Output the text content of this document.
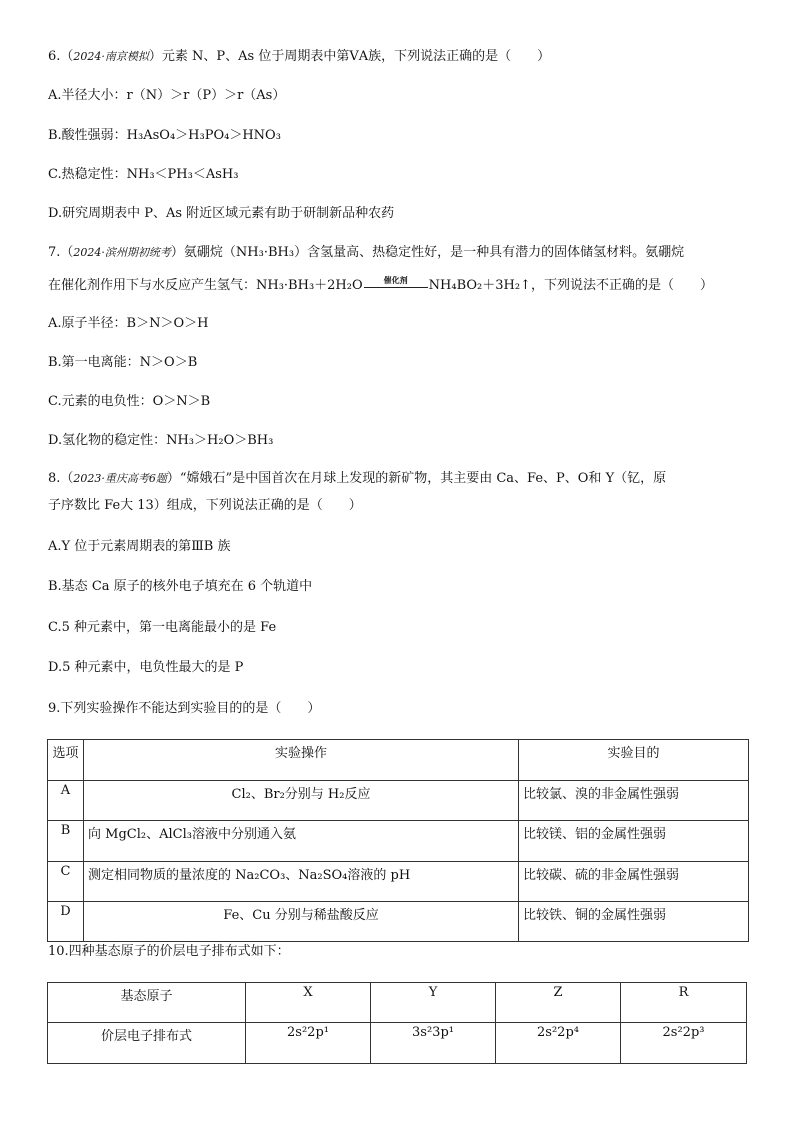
6.（2024·南京模拟）元素 N、P、As 位于周期表中第ⅤA族，下列说法正确的是（　　）
A.半径大小：r（N）＞r（P）＞r（As）
B.酸性强弱：H₃AsO₄＞H₃PO₄＞HNO₃
C.热稳定性：NH₃＜PH₃＜AsH₃
D.研究周期表中 P、As 附近区域元素有助于研制新品种农药
7.（2024·滨州期初统考）氨硼烷（NH₃·BH₃）含氢量高、热稳定性好，是一种具有潜力的固体储氢材料。氨硼烷
在催化剂作用下与水反应产生氢气：NH₃·BH₃＋2H₂O	催化剂	NH₄BO₂＋3H₂↑，下列说法不正确的是（　　）
A.原子半径：B＞N＞O＞H
B.第一电离能：N＞O＞B
C.元素的电负性：O＞N＞B
D.氢化物的稳定性：NH₃＞H₂O＞BH₃
8.（2023·重庆高考6题）“嫦娥石”是中国首次在月球上发现的新矿物，其主要由 Ca、Fe、P、O和 Y（钇，原
子序数比 Fe大 13）组成，下列说法正确的是（　　）
A.Y 位于元素周期表的第ⅢB 族
B.基态 Ca 原子的核外电子填充在 6 个轨道中
C.5 种元素中，第一电离能最小的是 Fe
D.5 种元素中，电负性最大的是 P
9.下列实验操作不能达到实验目的的是（　　）
选项	实验操作	实验目的
A	Cl₂、Br₂分别与 H₂反应	比较氯、溴的非金属性强弱
B	向 MgCl₂、AlCl₃溶液中分别通入氨	比较镁、铝的金属性强弱
C	测定相同物质的量浓度的 Na₂CO₃、Na₂SO₄溶液的 pH	比较碳、硫的非金属性强弱
D	Fe、Cu 分别与稀盐酸反应	比较铁、铜的金属性强弱
10.四种基态原子的价层电子排布式如下：
基态原子	X	Y	Z	R
价层电子排布式	2s²2p¹	3s²3p¹	2s²2p⁴	2s²2p³
